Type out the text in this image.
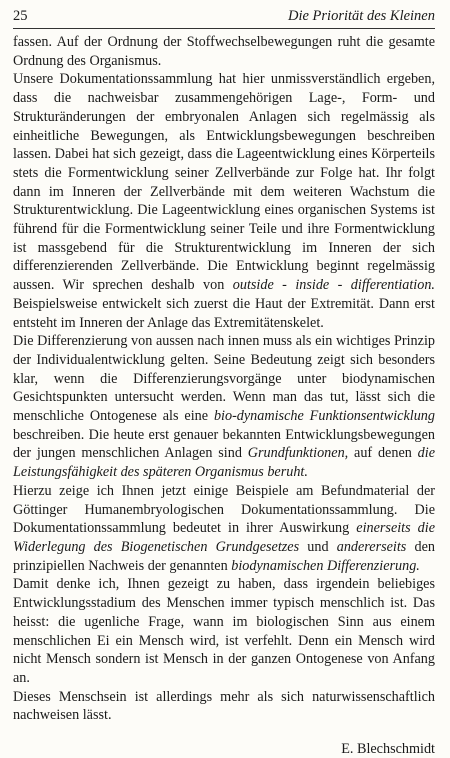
25	Die Priorität des Kleinen

fassen. Auf der Ordnung der Stoffwechselbewegungen ruht die gesamte Ordnung des Organismus.

Unsere Dokumentationssammlung hat hier unmissverständlich ergeben, dass die nachweisbar zusammengehörigen Lage-, Form- und Strukturänderungen der embryonalen Anlagen sich regelmässig als einheitliche Bewegungen, als Entwicklungsbewegungen beschreiben lassen. Dabei hat sich gezeigt, dass die Lageentwicklung eines Körperteils stets die Formentwicklung seiner Zellverbände zur Folge hat. Ihr folgt dann im Inneren der Zellverbände mit dem weiteren Wachstum die Strukturentwicklung. Die Lageentwicklung eines organischen Systems ist führend für die Formentwicklung seiner Teile und ihre Formentwicklung ist massgebend für die Strukturentwicklung im Inneren der sich differenzierenden Zellverbände. Die Entwicklung beginnt regelmässig aussen. Wir sprechen deshalb von outside - inside - differentiation. Beispielsweise entwickelt sich zuerst die Haut der Extremität. Dann erst entsteht im Inneren der Anlage das Extremitätenskelet.

Die Differenzierung von aussen nach innen muss als ein wichtiges Prinzip der Individualentwicklung gelten. Seine Bedeutung zeigt sich besonders klar, wenn die Differenzierungsvorgänge unter biodynamischen Gesichtspunkten untersucht werden. Wenn man das tut, lässt sich die menschliche Ontogenese als eine bio-dynamische Funktionsentwicklung beschreiben. Die heute erst genauer bekannten Entwicklungsbewegungen der jungen menschlichen Anlagen sind Grundfunktionen, auf denen die Leistungsfähigkeit des späteren Organismus beruht.

Hierzu zeige ich Ihnen jetzt einige Beispiele am Befundmaterial der Göttinger Humanembryologischen Dokumentationssammlung. Die Dokumentationssammlung bedeutet in ihrer Auswirkung einerseits die Widerlegung des Biogenetischen Grundgesetzes und andererseits den prinzipiellen Nachweis der genannten biodynamischen Differenzierung.

Damit denke ich, Ihnen gezeigt zu haben, dass irgendein beliebiges Entwicklungsstadium des Menschen immer typisch menschlich ist. Das heisst: die ugenliche Frage, wann im biologischen Sinn aus einem menschlichen Ei ein Mensch wird, ist verfehlt. Denn ein Mensch wird nicht Mensch sondern ist Mensch in der ganzen Ontogenese von Anfang an.

Dieses Menschsein ist allerdings mehr als sich naturwissenschaftlich nachweisen lässt.

E. Blechschmidt
